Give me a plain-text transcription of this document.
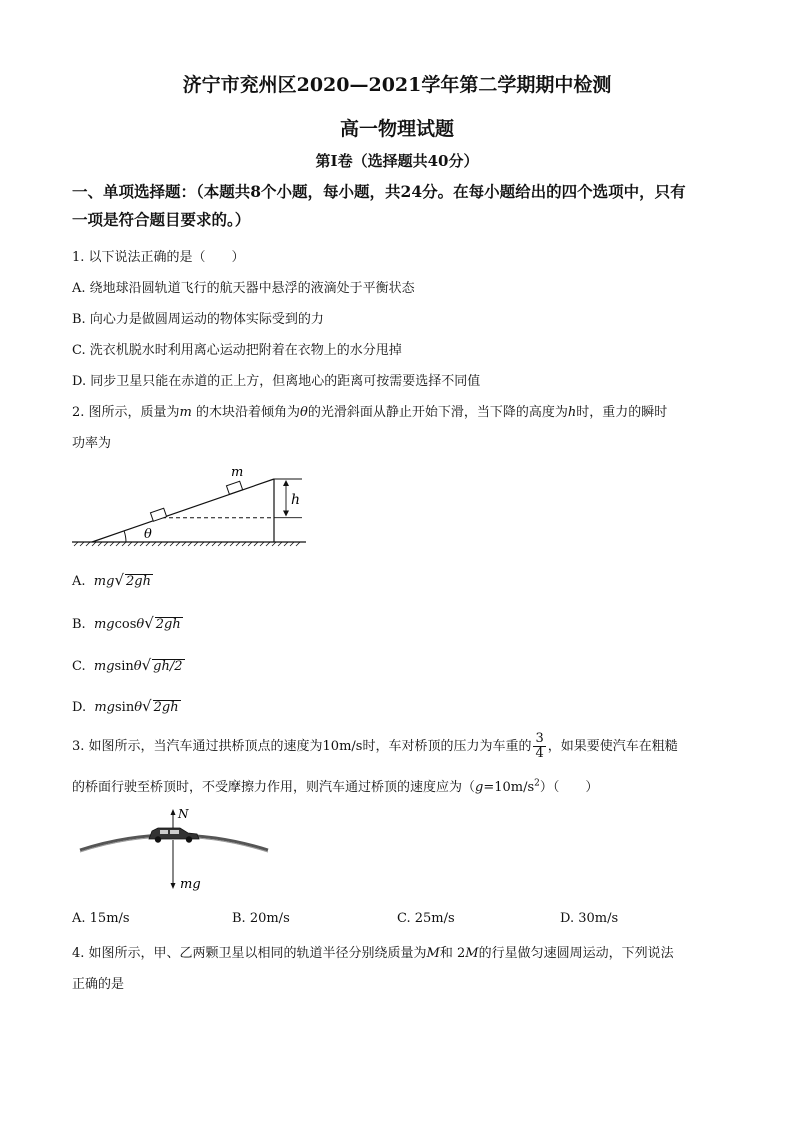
济宁市兖州区2020—2021学年第二学期期中检测
高一物理试题
第Ⅰ卷（选择题共40分）
一、单项选择题：（本题共8个小题，每小题，共24分。在每小题给出的四个选项中，只有
一项是符合题目要求的。）
1. 以下说法正确的是（　　）
A. 绕地球沿圆轨道飞行的航天器中悬浮的液滴处于平衡状态
B. 向心力是做圆周运动的物体实际受到的力
C. 洗衣机脱水时利用离心运动把附着在衣物上的水分甩掉
D. 同步卫星只能在赤道的正上方，但离地心的距离可按需要选择不同值
2. 图所示，质量为m 的木块沿着倾角为θ的光滑斜面从静止开始下滑，当下降的高度为h时，重力的瞬时
功率为
h
m
θ
A. mg√ 2gh
B. mgcosθ√ 2gh
C. mgsinθ√ gh/2
D. mgsinθ√ 2gh
3. 如图所示，当汽车通过拱桥顶点的速度为10m/s时，车对桥顶的压力为车重的 $\frac{3}{4}$ ，如果要使汽车在粗糙
的桥面行驶至桥顶时，不受摩擦力作用，则汽车通过桥顶的速度应为$(g=10m/s^2)$（　　）
N
mg
A. 15m/s	B. 20m/s	C. 25m/s	D. 30m/s
4. 如图所示，甲、乙两颗卫星以相同的轨道半径分别绕质量为M和 2M的行星做匀速圆周运动，下列说法
正确的是
